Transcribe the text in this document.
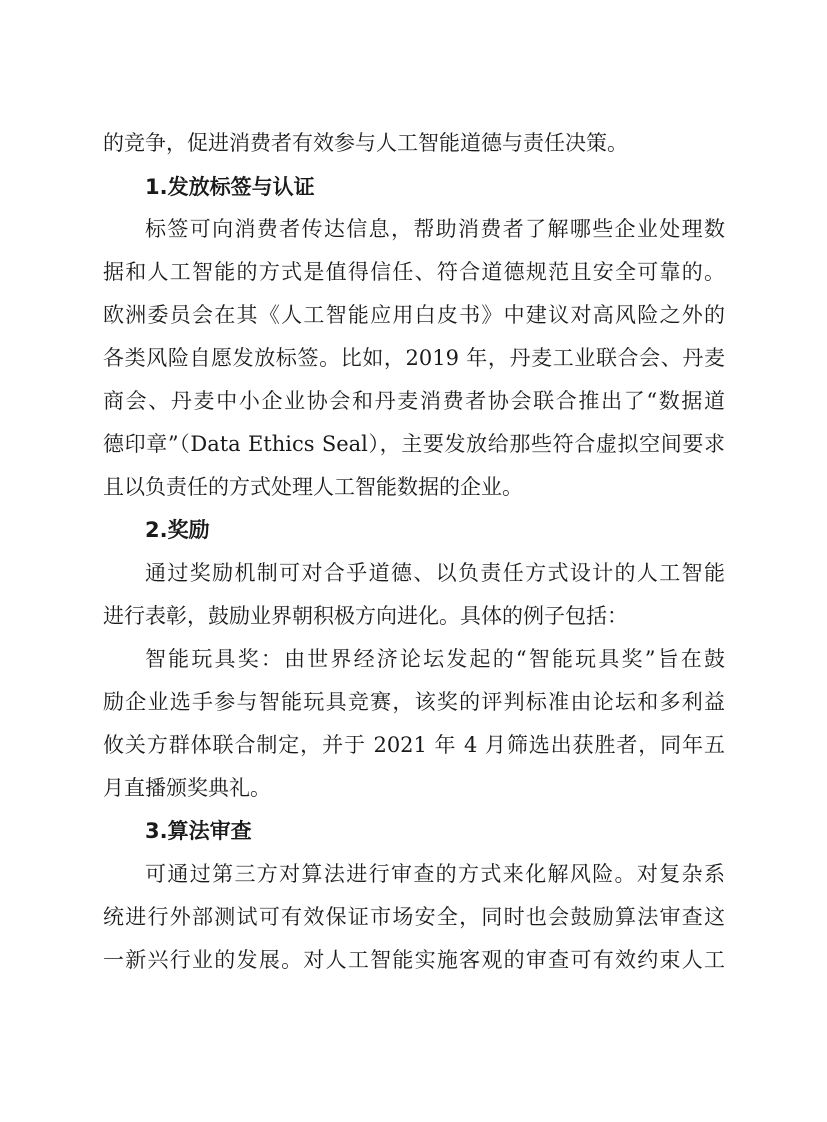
的竞争，促进消费者有效参与人工智能道德与责任决策。
1.发放标签与认证
标签可向消费者传达信息，帮助消费者了解哪些企业处理数
据和人工智能的方式是值得信任、符合道德规范且安全可靠的。
欧洲委员会在其《人工智能应用白皮书》中建议对高风险之外的
各类风险自愿发放标签。比如，2019 年，丹麦工业联合会、丹麦
商会、丹麦中小企业协会和丹麦消费者协会联合推出了“数据道
德印章”（Data Ethics Seal），主要发放给那些符合虚拟空间要求
且以负责任的方式处理人工智能数据的企业。
2.奖励
通过奖励机制可对合乎道德、以负责任方式设计的人工智能
进行表彰，鼓励业界朝积极方向进化。具体的例子包括：
智能玩具奖：由世界经济论坛发起的“智能玩具奖”旨在鼓
励企业选手参与智能玩具竞赛，该奖的评判标准由论坛和多利益
攸关方群体联合制定，并于 2021 年 4 月筛选出获胜者，同年五
月直播颁奖典礼。
3.算法审查
可通过第三方对算法进行审查的方式来化解风险。对复杂系
统进行外部测试可有效保证市场安全，同时也会鼓励算法审查这
一新兴行业的发展。对人工智能实施客观的审查可有效约束人工
